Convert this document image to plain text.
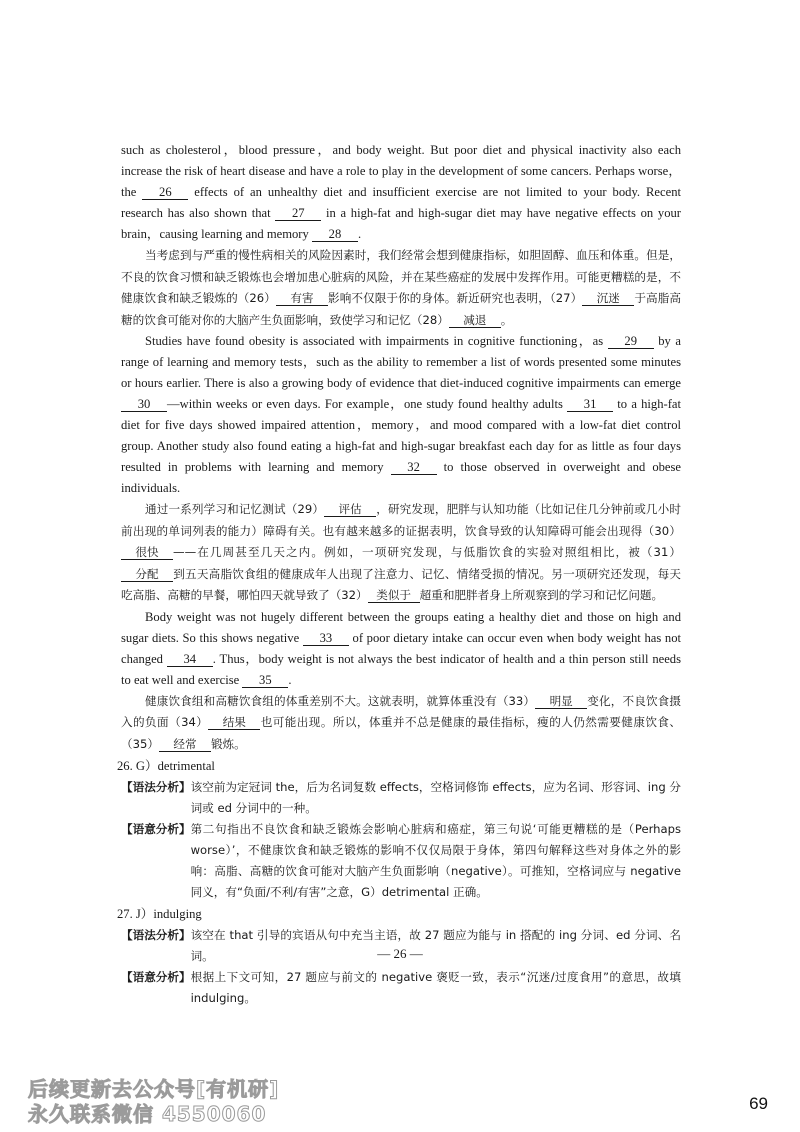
such as cholesterol，blood pressure，and body weight. But poor diet and physical inactivity also each increase the risk of heart disease and have a role to play in the development of some cancers. Perhaps worse，the 26 effects of an unhealthy diet and insufficient exercise are not limited to your body. Recent research has also shown that 27 in a high-fat and high-sugar diet may have negative effects on your brain，causing learning and memory 28 .

当考虑到与严重的慢性病相关的风险因素时，我们经常会想到健康指标，如胆固醇、血压和体重。但是，不良的饮食习惯和缺乏锻炼也会增加患心脏病的风险，并在某些癌症的发展中发挥作用。可能更糟糕的是，不健康饮食和缺乏锻炼的（26） 有害 影响不仅限于你的身体。新近研究也表明，（27） 沉迷 于高脂高糖的饮食可能对你的大脑产生负面影响，致使学习和记忆（28） 减退 。

Studies have found obesity is associated with impairments in cognitive functioning，as 29 by a range of learning and memory tests，such as the ability to remember a list of words presented some minutes or hours earlier. There is also a growing body of evidence that diet-induced cognitive impairments can emerge 30 —within weeks or even days. For example，one study found healthy adults 31 to a high-fat diet for five days showed impaired attention，memory，and mood compared with a low-fat diet control group. Another study also found eating a high-fat and high-sugar breakfast each day for as little as four days resulted in problems with learning and memory 32 to those observed in overweight and obese individuals.

通过一系列学习和记忆测试（29） 评估 ，研究发现，肥胖与认知功能（比如记住几分钟前或几小时前出现的单词列表的能力）障碍有关。也有越来越多的证据表明，饮食导致的认知障碍可能会出现得（30）很快 ——在几周甚至几天之内。例如，一项研究发现，与低脂饮食的实验对照组相比，被（31）分配 到五天高脂饮食组的健康成年人出现了注意力、记忆、情绪受损的情况。另一项研究还发现，每天吃高脂、高糖的早餐，哪怕四天就导致了（32） 类似于 超重和肥胖者身上所观察到的学习和记忆问题。

Body weight was not hugely different between the groups eating a healthy diet and those on high and sugar diets. So this shows negative 33 of poor dietary intake can occur even when body weight has not changed 34 . Thus，body weight is not always the best indicator of health and a thin person still needs to eat well and exercise 35 .

健康饮食组和高糖饮食组的体重差别不大。这就表明，就算体重没有（33） 明显 变化，不良饮食摄入的负面（34） 结果 也可能出现。所以，体重并不总是健康的最佳指标，瘦的人仍然需要健康饮食、（35） 经常 锻炼。

26. G）detrimental

【语法分析】 该空前为定冠词 the，后为名词复数 effects，空格词修饰 effects，应为名词、形容词、ing 分词或 ed 分词中的一种。
【语意分析】 第二句指出不良饮食和缺乏锻炼会影响心脏病和癌症，第三句说‘可能更糟糕的是（Perhaps worse）’，不健康饮食和缺乏锻炼的影响不仅仅局限于身体，第四句解释这些对身体之外的影响：高脂、高糖的饮食可能对大脑产生负面影响（negative）。可推知，空格词应与 negative 同义，有“负面/不利/有害”之意，G）detrimental 正确。

27. J）indulging

【语法分析】 该空在 that 引导的宾语从句中充当主语，故 27 题应为能与 in 搭配的 ing 分词、ed 分词、名词。
【语意分析】 根据上下文可知，27 题应与前文的 negative 褒贬一致，表示“沉迷/过度食用”的意思，故填 indulging。
— 26 —
后续更新去公众号[有机研]
永久联系微信 4550060	69
